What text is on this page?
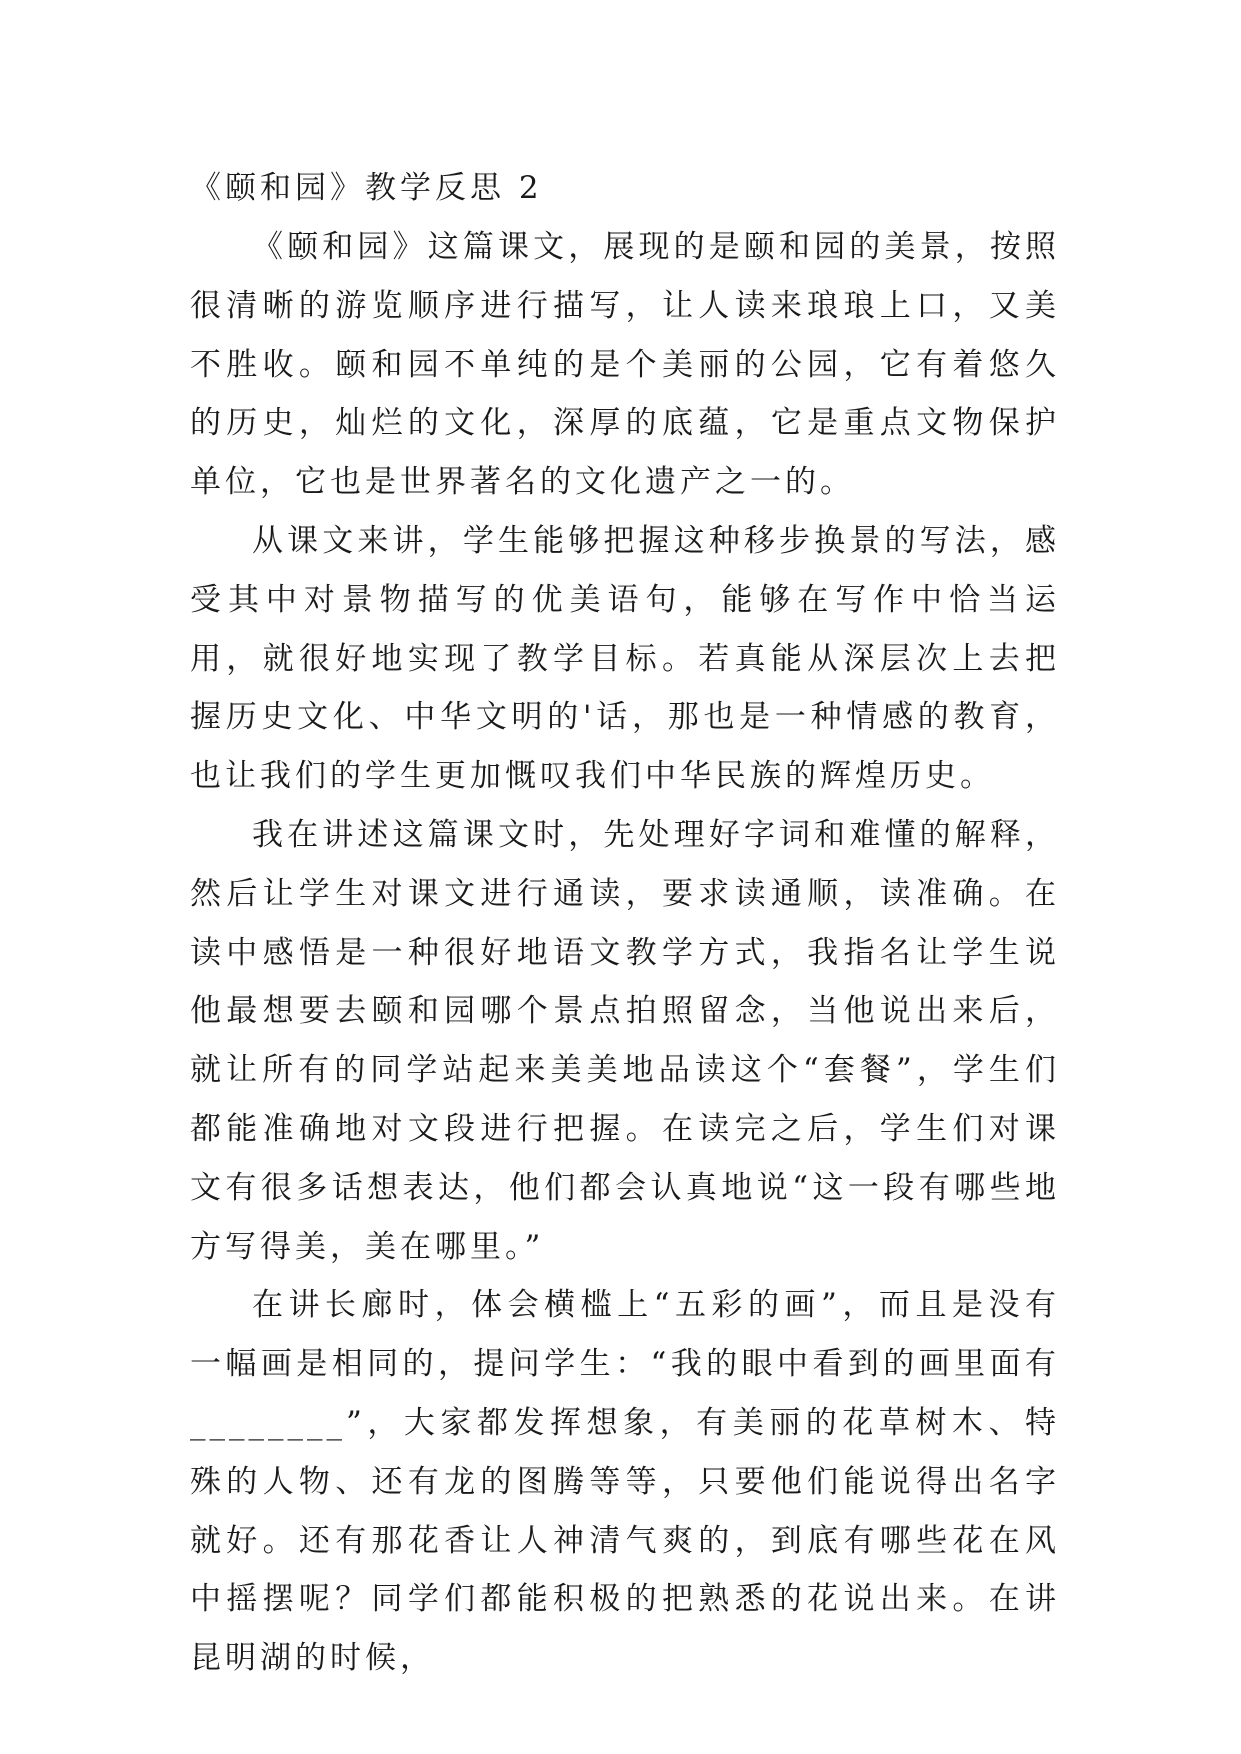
《颐和园》教学反思 2

《颐和园》这篇课文，展现的是颐和园的美景，按照很清晰的游览顺序进行描写，让人读来琅琅上口，又美不胜收。颐和园不单纯的是个美丽的公园，它有着悠久的历史，灿烂的文化，深厚的底蕴，它是重点文物保护单位，它也是世界著名的文化遗产之一的。

从课文来讲，学生能够把握这种移步换景的写法，感受其中对景物描写的优美语句，能够在写作中恰当运用，就很好地实现了教学目标。若真能从深层次上去把握历史文化、中华文明的'话，那也是一种情感的教育，也让我们的学生更加慨叹我们中华民族的辉煌历史。

我在讲述这篇课文时，先处理好字词和难懂的解释，然后让学生对课文进行通读，要求读通顺，读准确。在读中感悟是一种很好地语文教学方式，我指名让学生说他最想要去颐和园哪个景点拍照留念，当他说出来后，就让所有的同学站起来美美地品读这个“套餐”，学生们都能准确地对文段进行把握。在读完之后，学生们对课文有很多话想表达，他们都会认真地说“这一段有哪些地方写得美，美在哪里。”

在讲长廊时，体会横槛上“五彩的画”，而且是没有一幅画是相同的，提问学生：“我的眼中看到的画里面有________”，大家都发挥想象，有美丽的花草树木、特殊的人物、还有龙的图腾等等，只要他们能说得出名字就好。还有那花香让人神清气爽的，到底有哪些花在风中摇摆呢？同学们都能积极的把熟悉的花说出来。在讲昆明湖的时候，
